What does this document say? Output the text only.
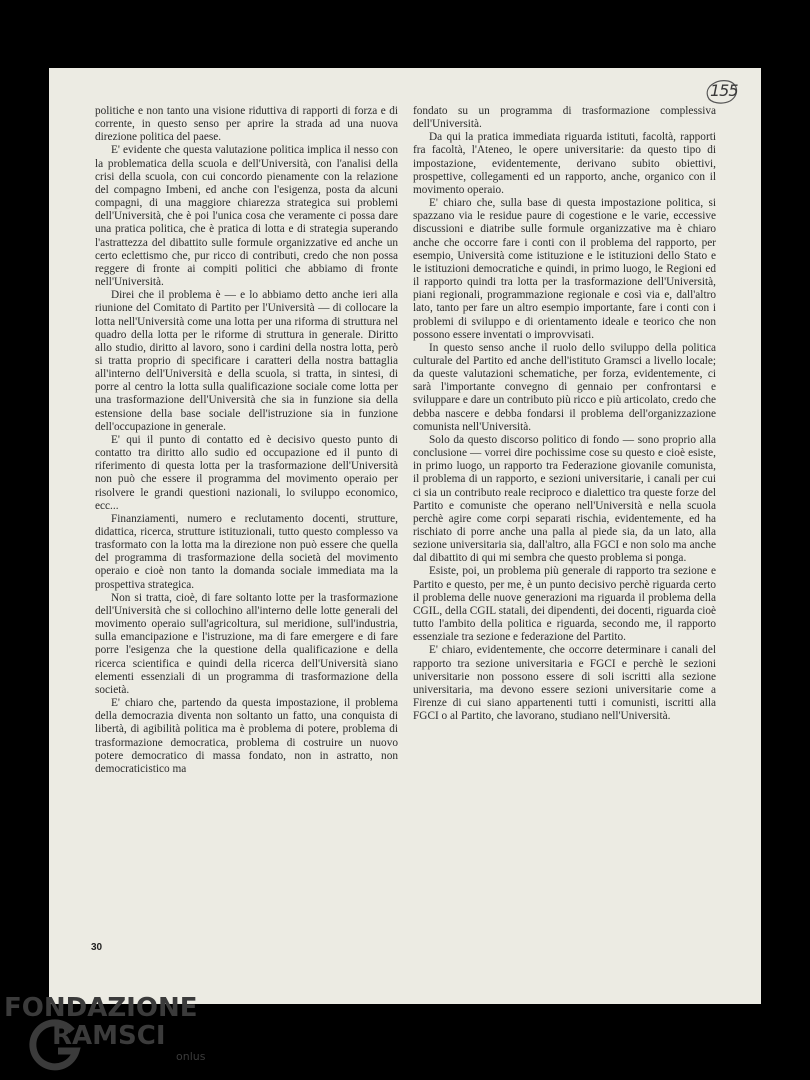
155

politiche e non tanto una visione riduttiva di rapporti di forza e di corrente, in questo senso per aprire la strada ad una nuova direzione politica del paese.

E' evidente che questa valutazione politica implica il nesso con la problematica della scuola e dell'Università, con l'analisi della crisi della scuola, con cui concordo pienamente con la relazione del compagno Imbeni, ed anche con l'esigenza, posta da alcuni compagni, di una maggiore chiarezza strategica sui problemi dell'Università, che è poi l'unica cosa che veramente ci possa dare una pratica politica, che è pratica di lotta e di strategia superando l'astrattezza del dibattito sulle formule organizzative ed anche un certo eclettismo che, pur ricco di contributi, credo che non possa reggere di fronte ai compiti politici che abbiamo di fronte nell'Università.

Direi che il problema è — e lo abbiamo detto anche ieri alla riunione del Comitato di Partito per l'Università — di collocare la lotta nell'Università come una lotta per una riforma di struttura nel quadro della lotta per le riforme di struttura in generale. Diritto allo studio, diritto al lavoro, sono i cardini della nostra lotta, però si tratta proprio di specificare i caratteri della nostra battaglia all'interno dell'Università e della scuola, si tratta, in sintesi, di porre al centro la lotta sulla qualificazione sociale come lotta per una trasformazione dell'Università che sia in funzione sia della estensione della base sociale dell'istruzione sia in funzione dell'occupazione in generale.

E' qui il punto di contatto ed è decisivo questo punto di contatto tra diritto allo sudio ed occupazione ed il punto di riferimento di questa lotta per la trasformazione dell'Università non può che essere il programma del movimento operaio per risolvere le grandi questioni nazionali, lo sviluppo economico, ecc...

Finanziamenti, numero e reclutamento docenti, strutture, didattica, ricerca, strutture istituzionali, tutto questo complesso va trasformato con la lotta ma la direzione non può essere che quella del programma di trasformazione della società del movimento operaio e cioè non tanto la domanda sociale immediata ma la prospettiva strategica.

Non si tratta, cioè, di fare soltanto lotte per la trasformazione dell'Università che si collochino all'interno delle lotte generali del movimento operaio sull'agricoltura, sul meridione, sull'industria, sulla emancipazione e l'istruzione, ma di fare emergere e di fare porre l'esigenza che la questione della qualificazione e della ricerca scientifica e quindi della ricerca dell'Università siano elementi essenziali di un programma di trasformazione della società.

E' chiaro che, partendo da questa impostazione, il problema della democrazia diventa non soltanto un fatto, una conquista di libertà, di agibilità politica ma è problema di potere, problema di trasformazione democratica, problema di costruire un nuovo potere democratico di massa fondato, non in astratto, non democraticistico ma

fondato su un programma di trasformazione complessiva dell'Università.

Da qui la pratica immediata riguarda istituti, facoltà, rapporti fra facoltà, l'Ateneo, le opere universitarie: da questo tipo di impostazione, evidentemente, derivano subito obiettivi, prospettive, collegamenti ed un rapporto, anche, organico con il movimento operaio.

E' chiaro che, sulla base di questa impostazione politica, si spazzano via le residue paure di cogestione e le varie, eccessive discussioni e diatribe sulle formule organizzative ma è chiaro anche che occorre fare i conti con il problema del rapporto, per esempio, Università come istituzione e le istituzioni dello Stato e le istituzioni democratiche e quindi, in primo luogo, le Regioni ed il rapporto quindi tra lotta per la trasformazione dell'Università, piani regionali, programmazione regionale e così via e, dall'altro lato, tanto per fare un altro esempio importante, fare i conti con i problemi di sviluppo e di orientamento ideale e teorico che non possono essere inventati o improvvisati.

In questo senso anche il ruolo dello sviluppo della politica culturale del Partito ed anche dell'istituto Gramsci a livello locale; da queste valutazioni schematiche, per forza, evidentemente, ci sarà l'importante convegno di gennaio per confrontarsi e sviluppare e dare un contributo più ricco e più articolato, credo che debba nascere e debba fondarsi il problema dell'organizzazione comunista nell'Università.

Solo da questo discorso politico di fondo — sono proprio alla conclusione — vorrei dire pochissime cose su questo e cioè esiste, in primo luogo, un rapporto tra Federazione giovanile comunista, il problema di un rapporto, e sezioni universitarie, i canali per cui ci sia un contributo reale reciproco e dialettico tra queste forze del Partito e comuniste che operano nell'Università e nella scuola perchè agire come corpi separati rischia, evidentemente, ed ha rischiato di porre anche una palla al piede sia, da un lato, alla sezione universitaria sia, dall'altro, alla FGCI e non solo ma anche dal dibattito di qui mi sembra che questo problema si ponga.

Esiste, poi, un problema più generale di rapporto tra sezione e Partito e questo, per me, è un punto decisivo perchè riguarda certo il problema delle nuove generazioni ma riguarda il problema della CGIL, della CGIL statali, dei dipendenti, dei docenti, riguarda cioè tutto l'ambito della politica e riguarda, secondo me, il rapporto essenziale tra sezione e federazione del Partito.

E' chiaro, evidentemente, che occorre determinare i canali del rapporto tra sezione universitaria e FGCI e perchè le sezioni universitarie non possono essere di soli iscritti alla sezione universitaria, ma devono essere sezioni universitarie come a Firenze di cui siano appartenenti tutti i comunisti, iscritti alla FGCI o al Partito, che lavorano, studiano nell'Università.

30
FONDAZIONE
RAMSCI
onlus
